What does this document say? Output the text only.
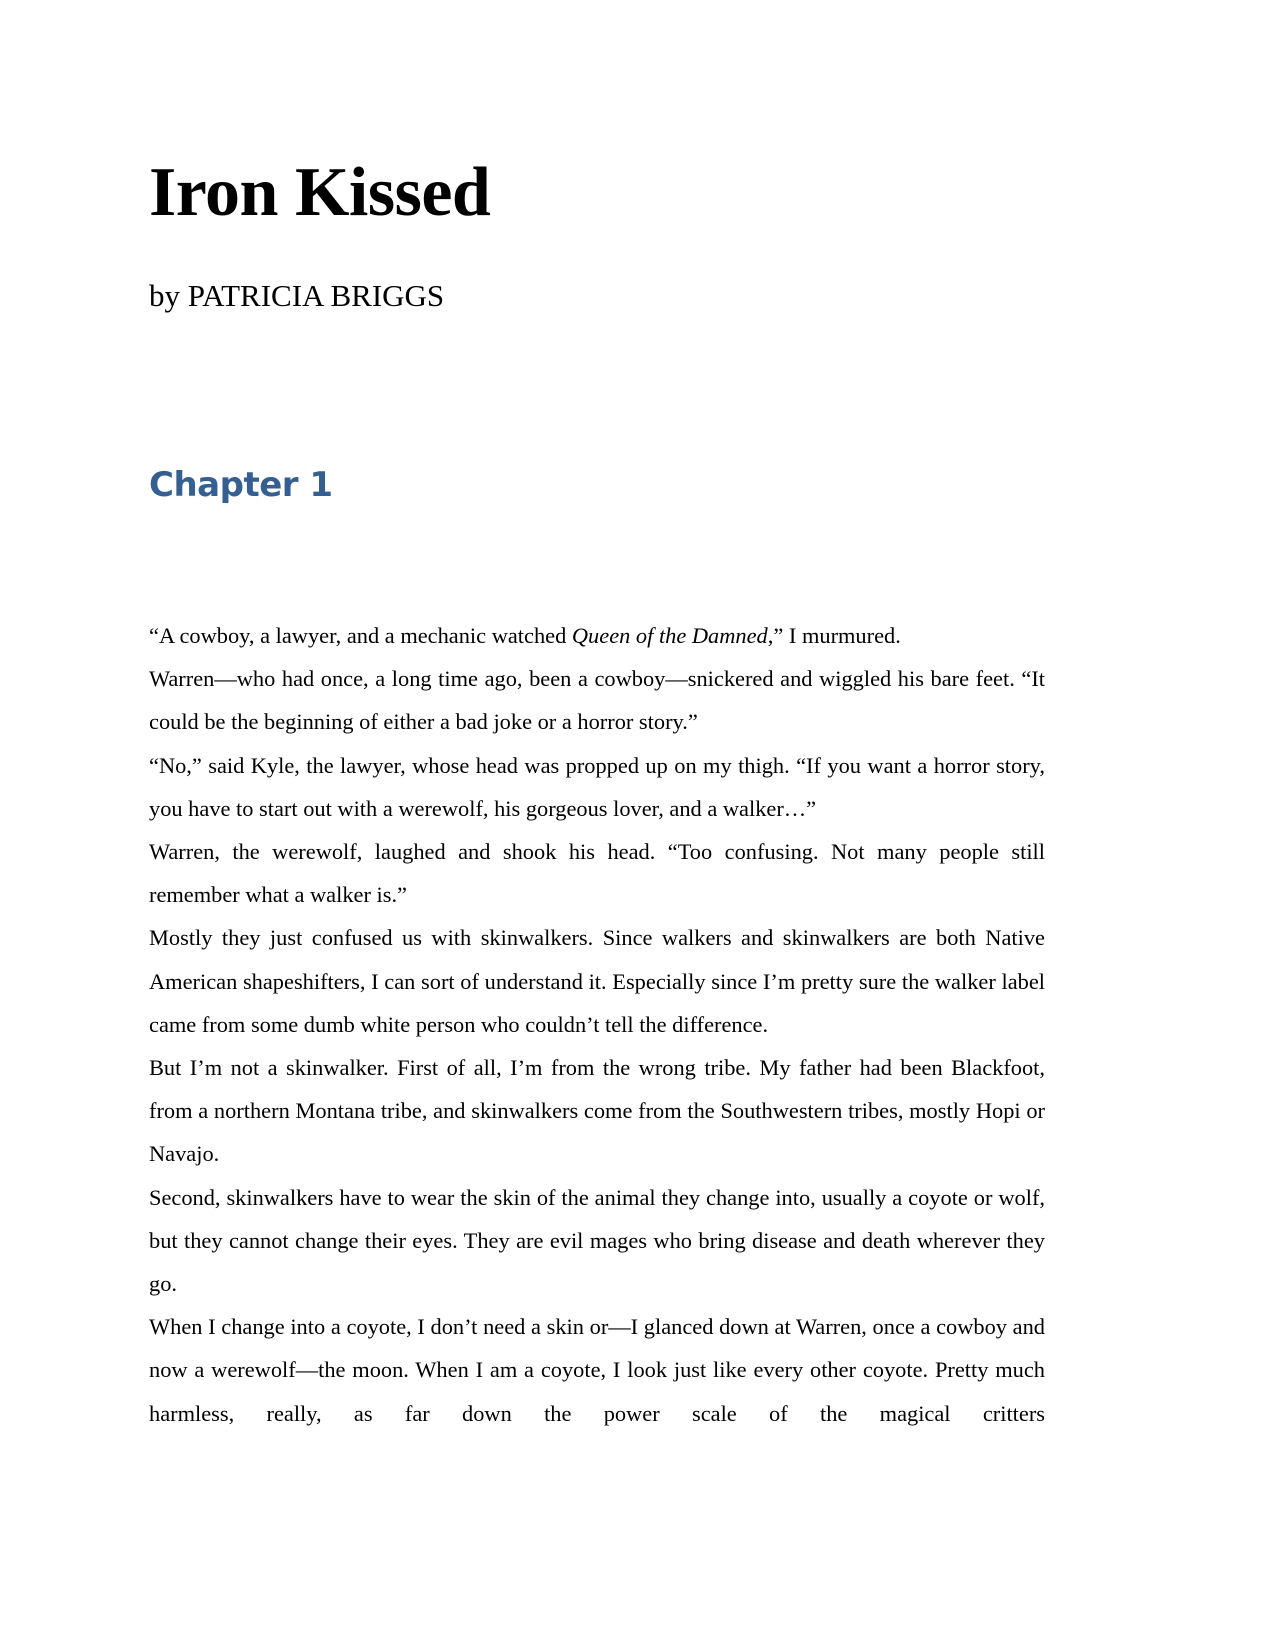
Iron Kissed
by PATRICIA BRIGGS
Chapter 1

“A cowboy, a lawyer, and a mechanic watched Queen of the Damned,” I murmured.

Warren—who had once, a long time ago, been a cowboy—snickered and wiggled his bare feet. “It could be the beginning of either a bad joke or a horror story.”

“No,” said Kyle, the lawyer, whose head was propped up on my thigh. “If you want a horror story, you have to start out with a werewolf, his gorgeous lover, and a walker…”

Warren, the werewolf, laughed and shook his head. “Too confusing. Not many people still remember what a walker is.”

Mostly they just confused us with skinwalkers. Since walkers and skinwalkers are both Native American shapeshifters, I can sort of understand it. Especially since I’m pretty sure the walker label came from some dumb white person who couldn’t tell the difference.

But I’m not a skinwalker. First of all, I’m from the wrong tribe. My father had been Blackfoot, from a northern Montana tribe, and skinwalkers come from the Southwestern tribes, mostly Hopi or Navajo.

Second, skinwalkers have to wear the skin of the animal they change into, usually a coyote or wolf, but they cannot change their eyes. They are evil mages who bring disease and death wherever they go.

When I change into a coyote, I don’t need a skin or—I glanced down at Warren, once a cowboy and now a werewolf—the moon. When I am a coyote, I look just like every other coyote. Pretty much harmless, really, as far down the power scale of the magical critters
